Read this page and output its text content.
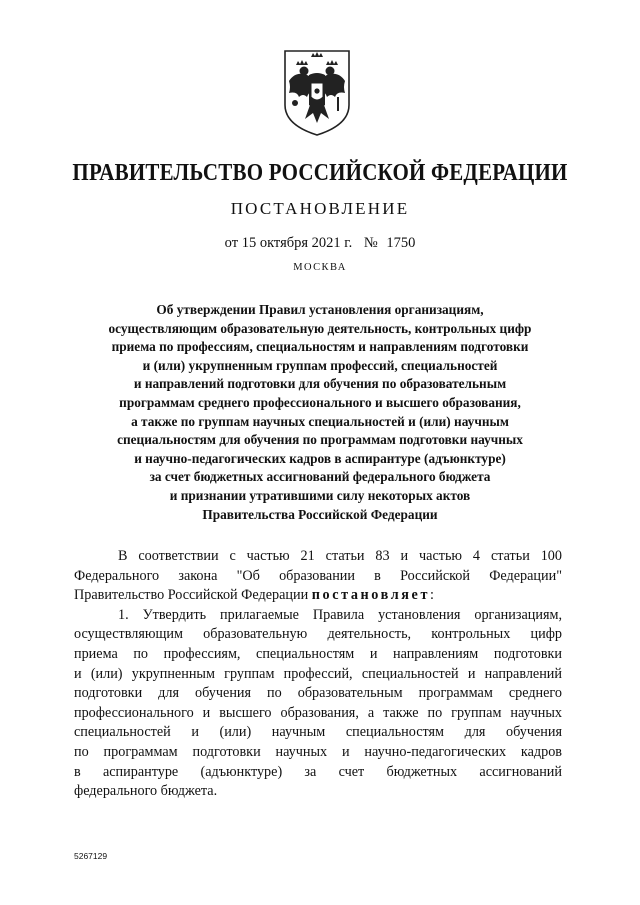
ПРАВИТЕЛЬСТВО РОССИЙСКОЙ ФЕДЕРАЦИИ
ПОСТАНОВЛЕНИЕ
от 15 октября 2021 г. № 1750
МОСКВА
Об утверждении Правил установления организациям,
осуществляющим образовательную деятельность, контрольных цифр
приема по профессиям, специальностям и направлениям подготовки
и (или) укрупненным группам профессий, специальностей
и направлений подготовки для обучения по образовательным
программам среднего профессионального и высшего образования,
а также по группам научных специальностей и (или) научным
специальностям для обучения по программам подготовки научных
и научно-педагогических кадров в аспирантуре (адъюнктуре)
за счет бюджетных ассигнований федерального бюджета
и признании утратившими силу некоторых актов
Правительства Российской Федерации
В соответствии с частью 21 статьи 83 и частью 4 статьи 100
Федерального закона "Об образовании в Российской Федерации"
Правительство Российской Федерации постановляет:
1. Утвердить прилагаемые Правила установления организациям,
осуществляющим образовательную деятельность, контрольных цифр
приема по профессиям, специальностям и направлениям подготовки
и (или) укрупненным группам профессий, специальностей и направлений
подготовки для обучения по образовательным программам среднего
профессионального и высшего образования, а также по группам научных
специальностей и (или) научным специальностям для обучения
по программам подготовки научных и научно-педагогических кадров
в аспирантуре (адъюнктуре) за счет бюджетных ассигнований
федерального бюджета.
5267129
